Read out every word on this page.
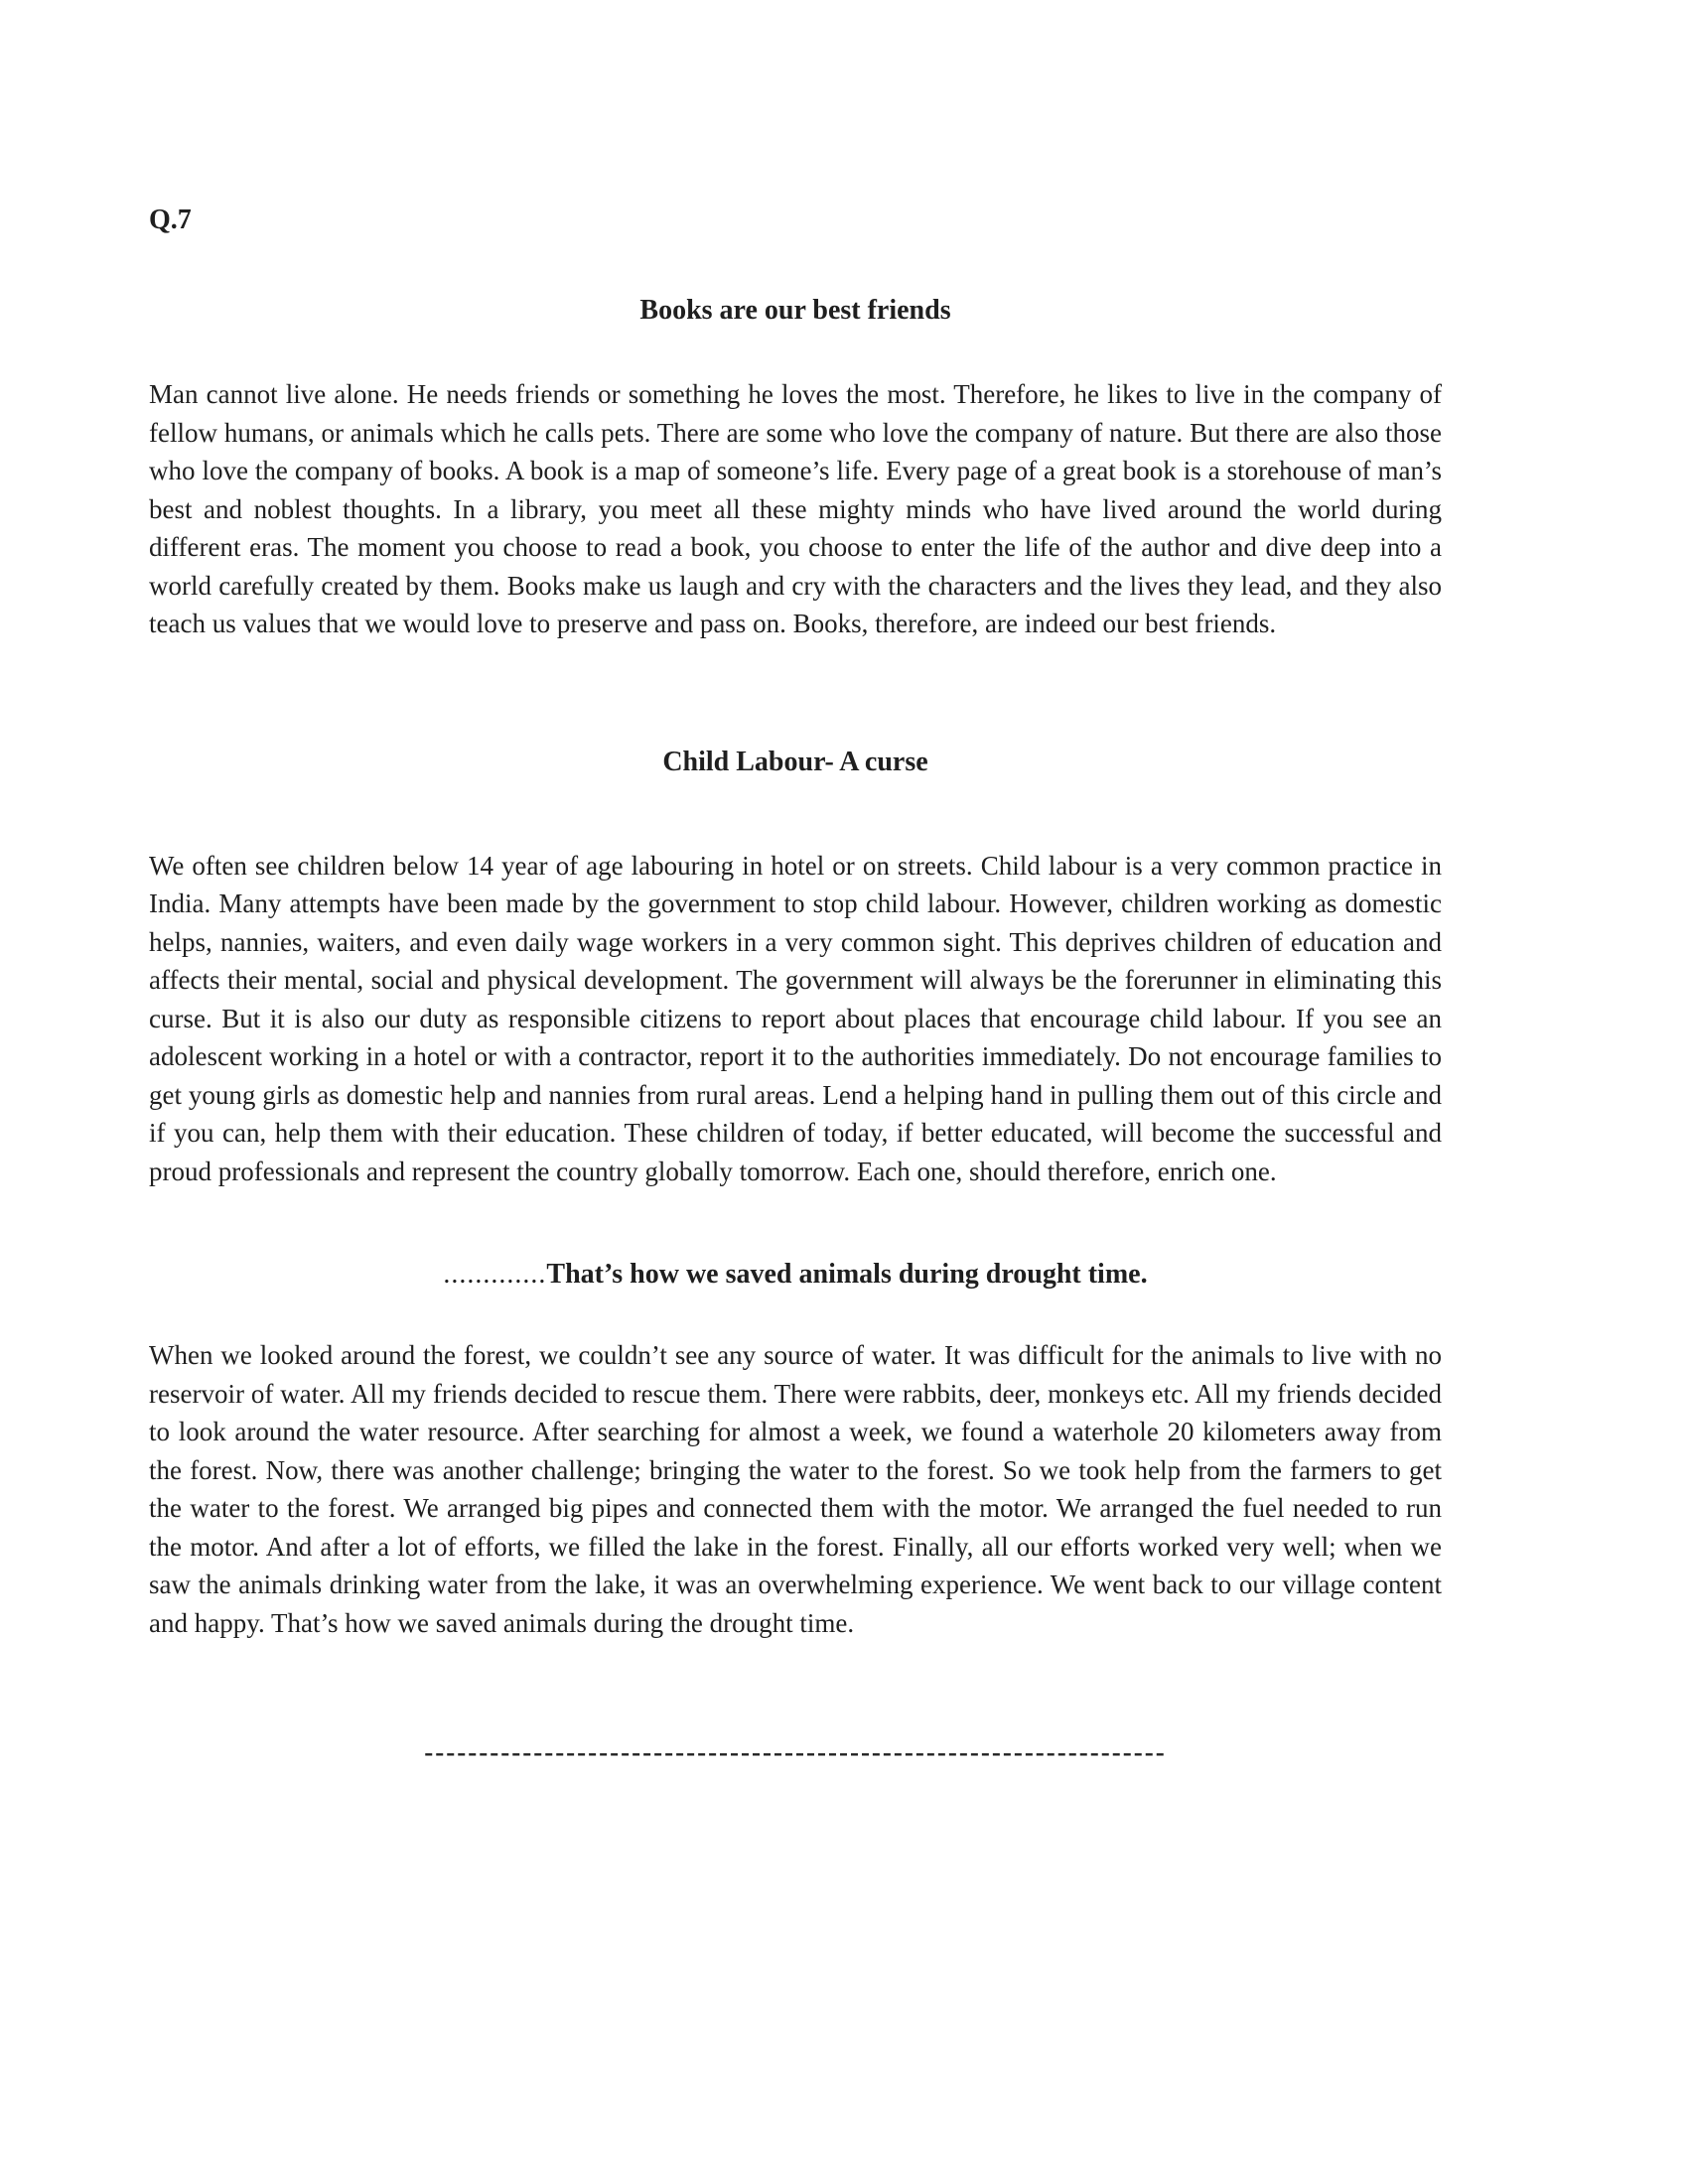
Q.7
Books are our best friends

Man cannot live alone. He needs friends or something he loves the most. Therefore, he likes to live in the company of fellow humans, or animals which he calls pets. There are some who love the company of nature. But there are also those who love the company of books. A book is a map of someone’s life. Every page of a great book is a storehouse of man’s best and noblest thoughts. In a library, you meet all these mighty minds who have lived around the world during different eras. The moment you choose to read a book, you choose to enter the life of the author and dive deep into a world carefully created by them. Books make us laugh and cry with the characters and the lives they lead, and they also teach us values that we would love to preserve and pass on. Books, therefore, are indeed our best friends.

Child Labour- A curse

We often see children below 14 year of age labouring in hotel or on streets. Child labour is a very common practice in India. Many attempts have been made by the government to stop child labour. However, children working as domestic helps, nannies, waiters, and even daily wage workers in a very common sight. This deprives children of education and affects their mental, social and physical development. The government will always be the forerunner in eliminating this curse. But it is also our duty as responsible citizens to report about places that encourage child labour. If you see an adolescent working in a hotel or with a contractor, report it to the authorities immediately. Do not encourage families to get young girls as domestic help and nannies from rural areas. Lend a helping hand in pulling them out of this circle and if you can, help them with their education. These children of today, if better educated, will become the successful and proud professionals and represent the country globally tomorrow. Each one, should therefore, enrich one.

.............That’s how we saved animals during drought time.

When we looked around the forest, we couldn’t see any source of water. It was difficult for the animals to live with no reservoir of water. All my friends decided to rescue them. There were rabbits, deer, monkeys etc. All my friends decided to look around the water resource. After searching for almost a week, we found a waterhole 20 kilometers away from the forest. Now, there was another challenge; bringing the water to the forest. So we took help from the farmers to get the water to the forest. We arranged big pipes and connected them with the motor. We arranged the fuel needed to run the motor. And after a lot of efforts, we filled the lake in the forest. Finally, all our efforts worked very well; when we saw the animals drinking water from the lake, it was an overwhelming experience. We went back to our village content and happy. That’s how we saved animals during the drought time.

--------------------------------------------------------------------
